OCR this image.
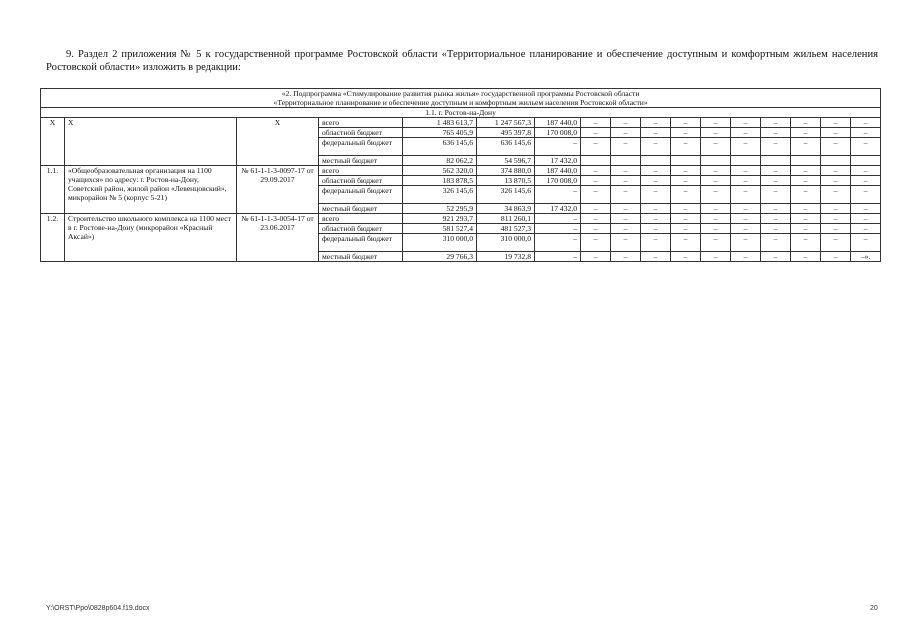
9. Раздел 2 приложения № 5 к государственной программе Ростовской области «Территориальное планирование и обеспечение доступным и комфортным жильем населения Ростовской области» изложить в редакции:
«2. Подпрограмма «Стимулирование развития рынка жилья» государственной программы Ростовской области
«Территориальное планирование и обеспечение доступным и комфортным жильем населения Ростовской области»																

1.1. г. Ростов-на-Дону																
Х	Х	Х	всего	1 483 613,7	1 247 567,3	187 440,0	–	–	–	–	–	–	–	–	–	–
			областной бюджет	765 405,9	495 397,8	170 008,0	–	–	–	–	–	–	–	–	–	–
			федеральный бюджет	636 145,6	636 145,6	–	–	–	–	–	–	–	–	–	–	–
			местный бюджет	82 062,2	54 596,7	17 432,0										
1.1.	«Общеобразовательная организация на 1100 учащихся» по адресу: г. Ростов-на-Дону, Советский район, жилой район «Левенцовский», микрорайон № 5 (корпус 5-21)	№ 61-1-1-3-0097-17 от 29.09.2017	всего	562 320,0	374 880,0	187 440,0	–	–	–	–	–	–	–	–	–	–
			областной бюджет	183 878,5	13 870,5	170 008,0	–	–	–	–	–	–	–	–	–	–
			федеральный бюджет	326 145,6	326 145,6	–	–	–	–	–	–	–	–	–	–	–
			местный бюджет	52 295,9	34 863,9	17 432,0	–	–	–	–	–	–	–	–	–	–
1.2.	Строительство школьного комплекса на 1100 мест в г. Ростове-на-Дону (микрорайон «Красный Аксай»)	№ 61-1-1-3-0054-17 от 23.06.2017	всего	921 293,7	811 260,1	–	–	–	–	–	–	–	–	–	–	–
			областной бюджет	581 527,4	481 527,3	–	–	–	–	–	–	–	–	–	–	–
			федеральный бюджет	310 000,0	310 000,0	–	–	–	–	–	–	–	–	–	–	–
			местный бюджет	29 766,3	19 732,8	–	–	–	–	–	–	–	–	–	–	–».
Y:\ORST\Ppo\0828p604.f19.docx	20
